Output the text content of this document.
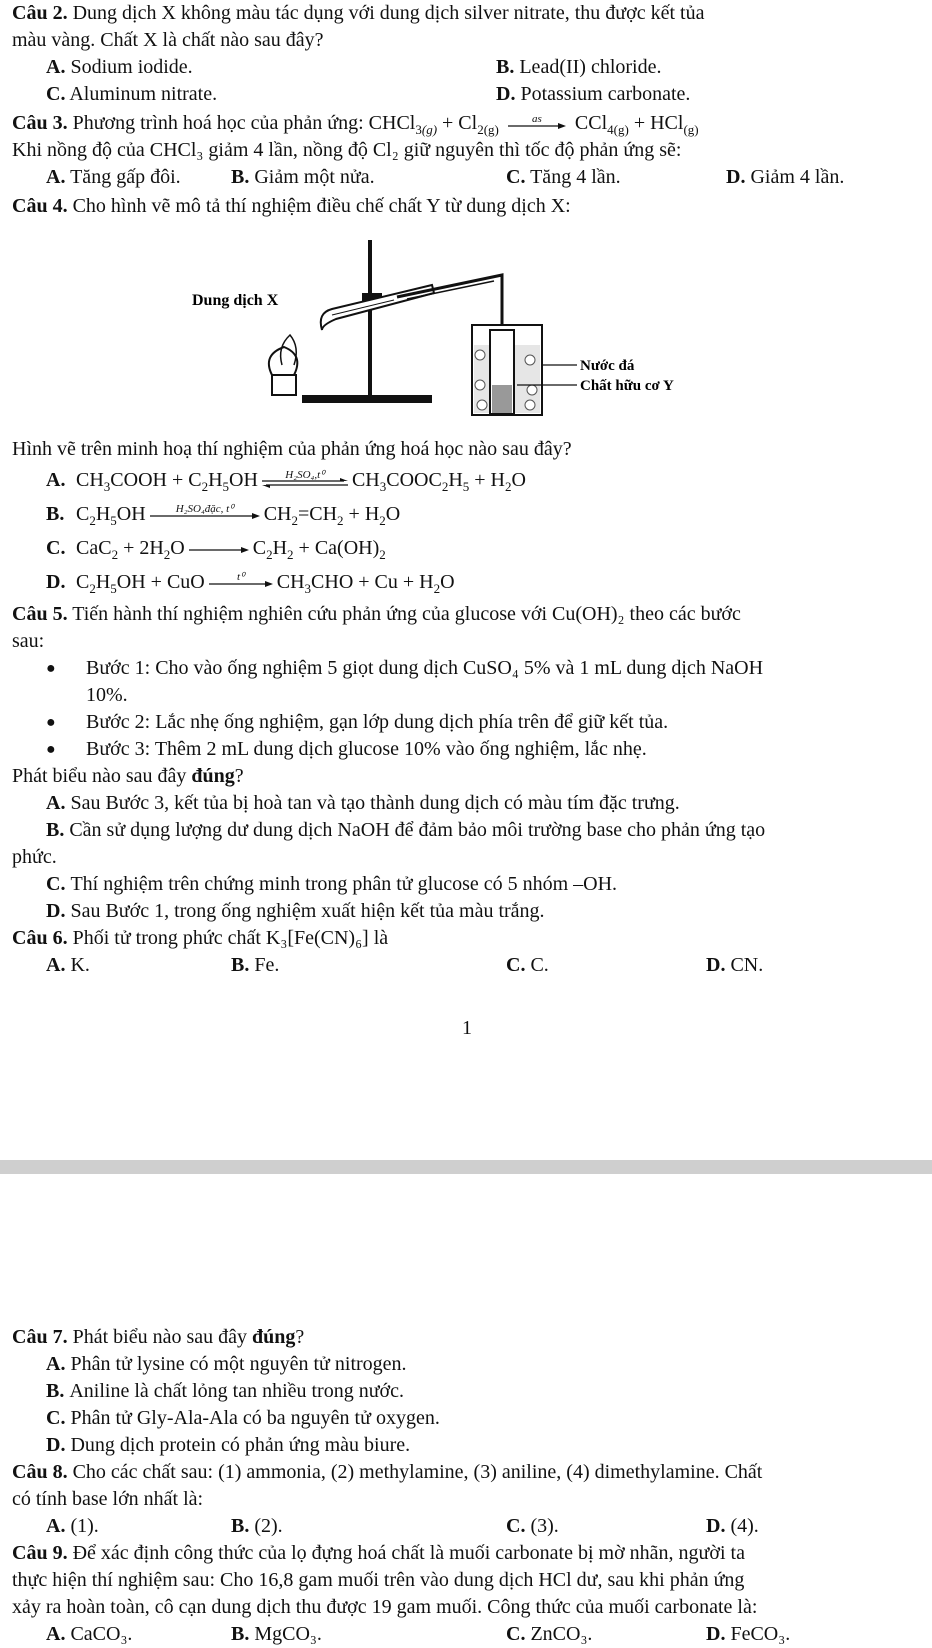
Câu 2. Dung dịch X không màu tác dụng với dung dịch silver nitrate, thu được kết tủa

màu vàng. Chất X là chất nào sau đây?

A. Sodium iodide.	B. Lead(II) chloride.
C. Aluminum nitrate.	D. Potassium carbonate.

Câu 3. Phương trình hoá học của phản ứng: CHCl$_{3(g)}$ + $Cl_{2(g)}$
as	CCl$_{4(g)}$ + HCl$_{(g)}$

Khi nồng độ của CHCl₃ giảm 4 lần, nồng độ Cl₂ giữ nguyên thì tốc độ phản ứng sẽ:

A. Tăng gấp đôi.	B. Giảm một nửa.	C. Tăng 4 lần.	D. Giảm 4 lần.

Câu 4. Cho hình vẽ mô tả thí nghiệm điều chế chất Y từ dung dịch X:

Dung dịch X
Nước đá
Chất hữu cơ Y

Hình vẽ trên minh hoạ thí nghiệm của phản ứng hoá học nào sau đây?

A. $CH_3COOH + C_2H_5OH$	H₂SO₄,t⁰	$CH_3COOC_2H_5 + H_2O$
B. $C_2H_5OH$	H₂SO₄đặc, t⁰	$CH_2=CH_2 + H_2O$
C. $CaC_2 + 2H_2O$	$C_2H_2 + Ca(OH)_2$
D. $C_2H_5OH$ + CuO	t⁰	$CH_3CHO + Cu + H_2O$

Câu 5. Tiến hành thí nghiệm nghiên cứu phản ứng của glucose với Cu(OH)₂ theo các bước

sau:

●	Bước 1: Cho vào ống nghiệm 5 giọt dung dịch CuSO₄ 5% và 1 mL dung dịch NaOH
10%.
●	Bước 2: Lắc nhẹ ống nghiệm, gạn lớp dung dịch phía trên để giữ kết tủa.
●	Bước 3: Thêm 2 mL dung dịch glucose 10% vào ống nghiệm, lắc nhẹ.

Phát biểu nào sau đây đúng?

A.
Sau Bước 3, kết tủa bị hoà tan và tạo thành dung dịch có màu tím đặc trưng.
B.
Cần sử dụng lượng dư dung dịch NaOH để đảm bảo môi trường base cho phản ứng tạo

phức.

C.
Thí nghiệm trên chứng minh trong phân tử glucose có 5 nhóm –OH.
D.
Sau Bước 1, trong ống nghiệm xuất hiện kết tủa màu trắng.

Câu 6. Phối tử trong phức chất K₃[Fe(CN)₆] là

A. K.	B. Fe.	C. C.	D. CN.
1

Câu 7. Phát biểu nào sau đây đúng?

A.
Phân tử lysine có một nguyên tử nitrogen.
B.
Aniline là chất lỏng tan nhiều trong nước.
C.
Phân tử Gly-Ala-Ala có ba nguyên tử oxygen.
D.
Dung dịch protein có phản ứng màu biure.

Câu 8. Cho các chất sau: (1) ammonia, (2) methylamine, (3) aniline, (4) dimethylamine. Chất

có tính base lớn nhất là:

A. (1).	B. (2).	C. (3).	D. (4).

Câu 9. Để xác định công thức của lọ đựng hoá chất là muối carbonate bị mờ nhãn, người ta

thực hiện thí nghiệm sau: Cho 16,8 gam muối trên vào dung dịch HCl dư, sau khi phản ứng

xảy ra hoàn toàn, cô cạn dung dịch thu được 19 gam muối. Công thức của muối carbonate là:

A. CaCO₃.	B. MgCO₃.	C. ZnCO₃.	D. FeCO₃.
